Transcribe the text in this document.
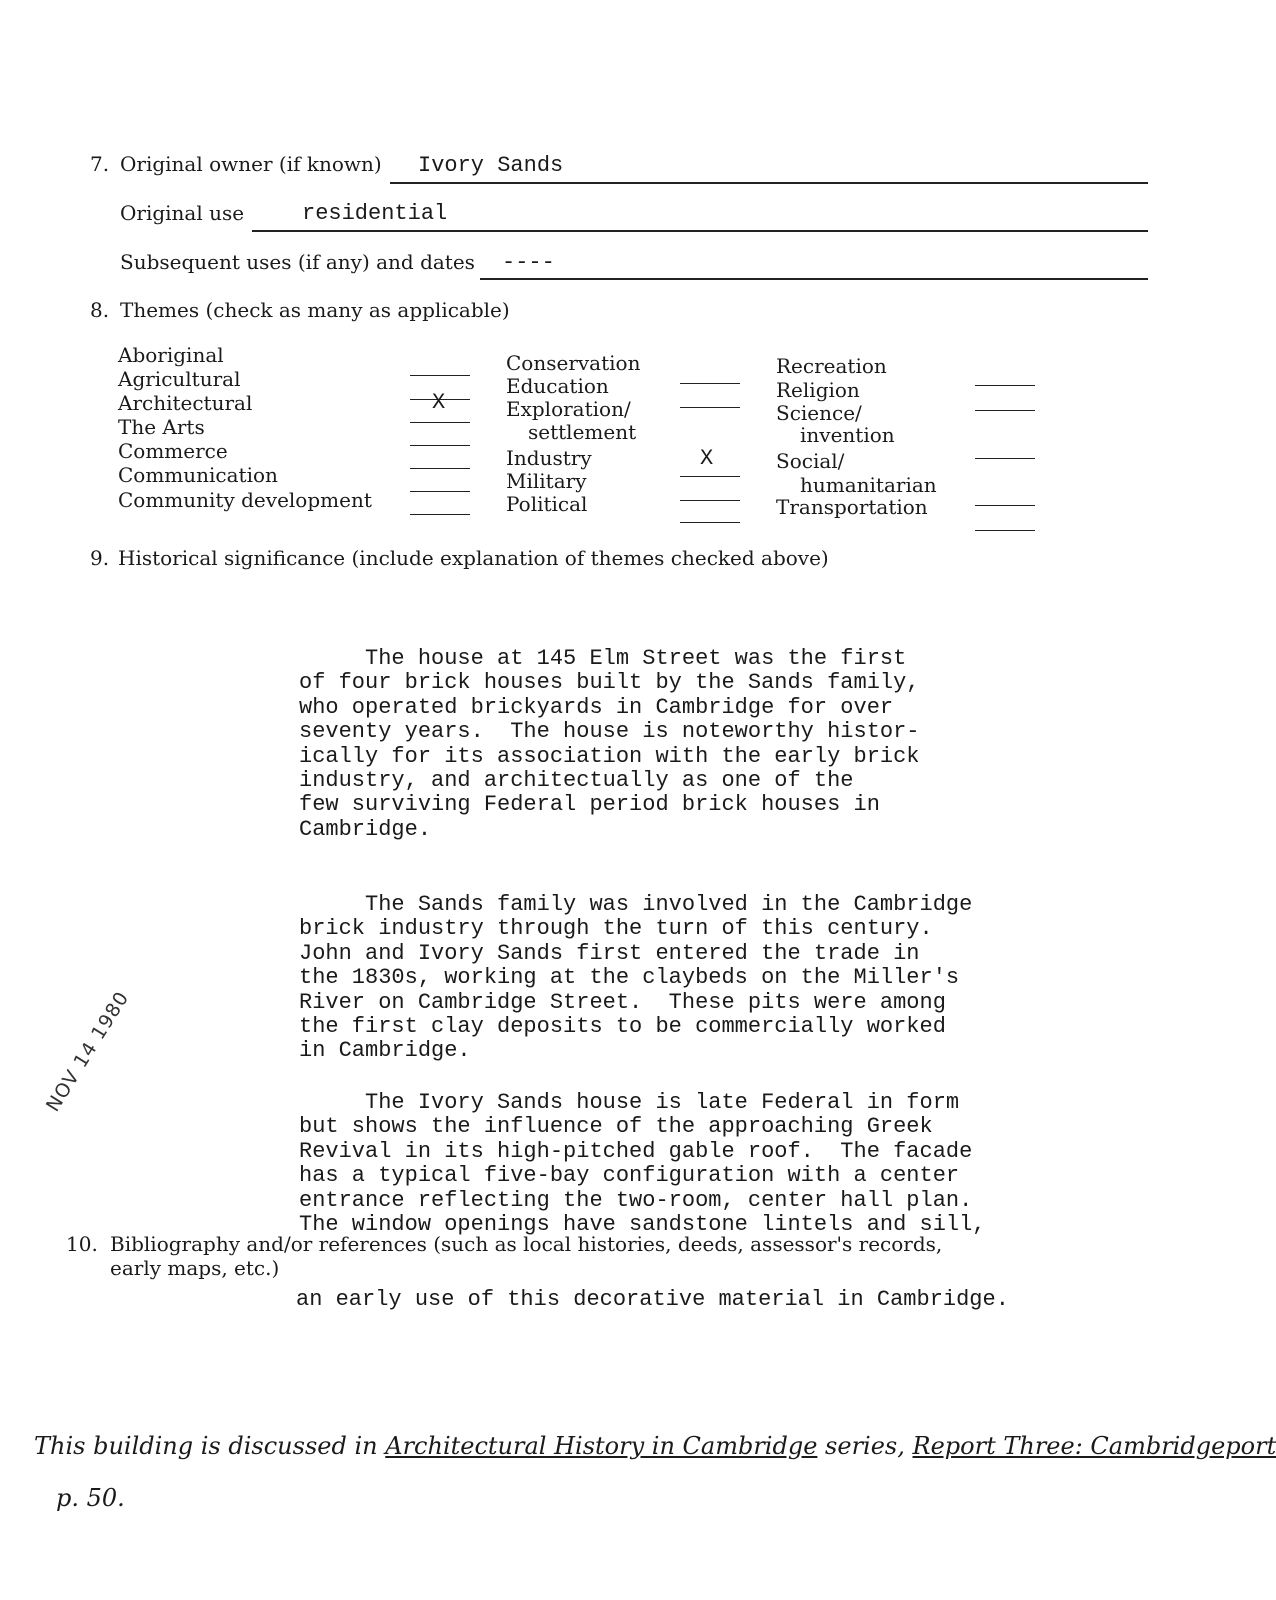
7. Original owner (if known) Ivory Sands
Original use	residential
Subsequent uses (if any) and dates ----
8. Themes (check as many as applicable)
Aboriginal
Agricultural
Architectural
The Arts
Commerce
Communication
Community development
X
Conservation
Education
Exploration/
settlement
Industry
Military
Political
X
Recreation
Religion
Science/
invention
Social/
humanitarian
Transportation
9. Historical significance (include explanation of themes checked above)
The house at 145 Elm Street was the first
of four brick houses built by the Sands family,
who operated brickyards in Cambridge for over
seventy years.  The house is noteworthy histor-
ically for its association with the early brick
industry, and architectually as one of the
few surviving Federal period brick houses in
Cambridge.
The Sands family was involved in the Cambridge
brick industry through the turn of this century.
John and Ivory Sands first entered the trade in
the 1830s, working at the claybeds on the Miller's
River on Cambridge Street.  These pits were among
the first clay deposits to be commercially worked
in Cambridge.
The Ivory Sands house is late Federal in form
but shows the influence of the approaching Greek
Revival in its high-pitched gable roof.  The facade
has a typical five-bay configuration with a center
entrance reflecting the two-room, center hall plan.
The window openings have sandstone lintels and sill,
10. Bibliography and/or references (such as local histories, deeds, assessor's records,
early maps, etc.)
an early use of this decorative material in Cambridge.
NOV 14 1980
This building is discussed in Architectural History in Cambridge series, Report Three: Cambridgeport
p. 50.
